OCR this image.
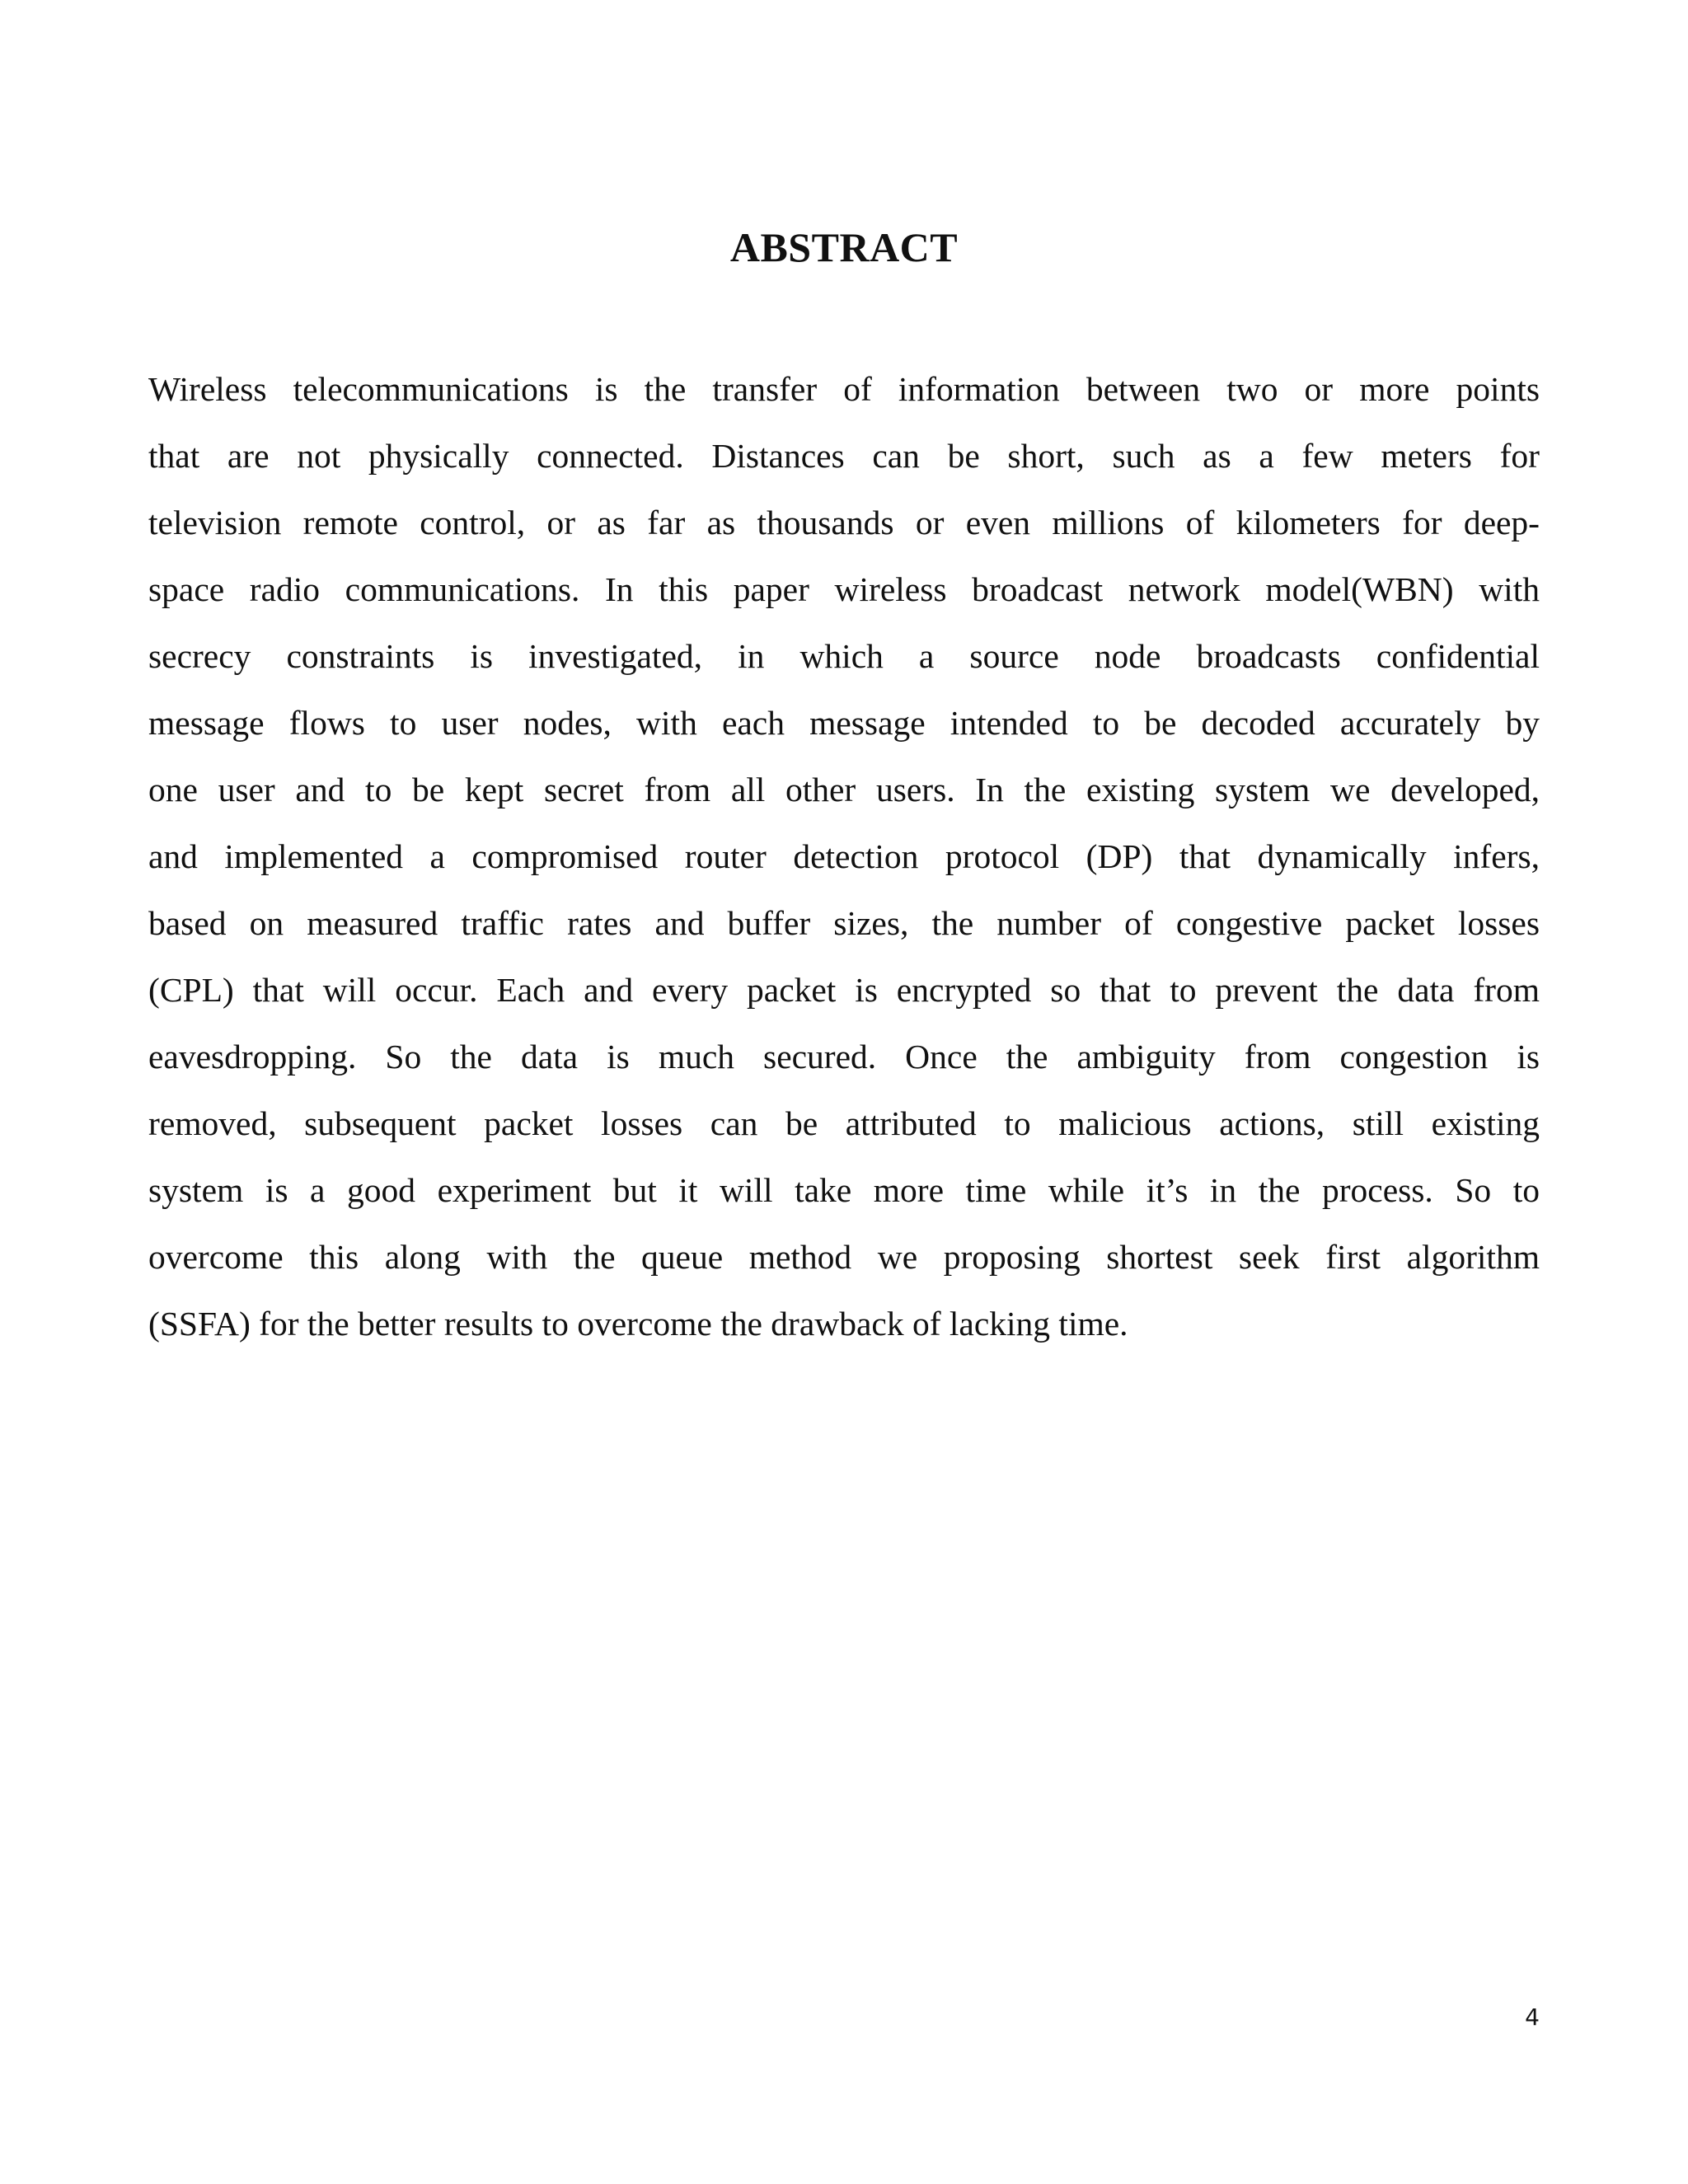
ABSTRACT
Wireless telecommunications is the transfer of information between two or more points
that are not physically connected. Distances can be short, such as a few meters for
television remote control, or as far as thousands or even millions of kilometers for deep-
space radio communications. In this paper wireless broadcast network model(WBN) with
secrecy constraints is investigated, in which a source node broadcasts confidential
message flows to user nodes, with each message intended to be decoded accurately by
one user and to be kept secret from all other users. In the existing system we developed,
and implemented a compromised router detection protocol (DP) that dynamically infers,
based on measured traffic rates and buffer sizes, the number of congestive packet losses
(CPL) that will occur. Each and every packet is encrypted so that to prevent the data from
eavesdropping. So the data is much secured. Once the ambiguity from congestion is
removed, subsequent packet losses can be attributed to malicious actions, still existing
system is a good experiment but it will take more time while it’s in the process. So to
overcome this along with the queue method we proposing shortest seek first algorithm
(SSFA) for the better results to overcome the drawback of lacking time.
4
